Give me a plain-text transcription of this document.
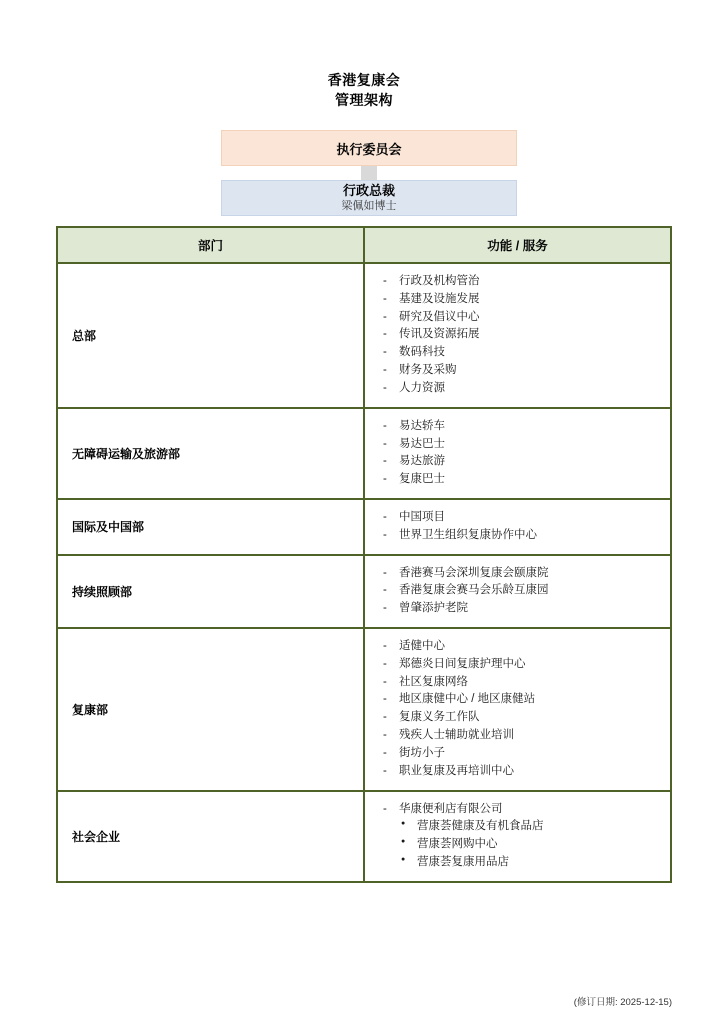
香港复康会
管理架构
执行委员会
行政总裁
梁佩如博士
部门	功能 / 服务
总部	
- 行政及机构管治
- 基建及设施发展
- 研究及倡议中心
- 传讯及资源拓展
- 数码科技
- 财务及采购
- 人力资源

无障碍运输及旅游部	
- 易达轿车
- 易达巴士
- 易达旅游
- 复康巴士

国际及中国部	
- 中国项目
- 世界卫生组织复康协作中心

持续照顾部	
- 香港赛马会深圳复康会颐康院
- 香港复康会赛马会乐龄互康园
- 曾肇添护老院

复康部	
- 适健中心
- 郑德炎日间复康护理中心
- 社区复康网络
- 地区康健中心 / 地区康健站
- 复康义务工作队
- 残疾人士辅助就业培训
- 街坊小子
- 职业复康及再培训中心

社会企业	
- 华康便利店有限公司
● 营康荟健康及有机食品店
● 营康荟网购中心
● 营康荟复康用品店
(修订日期: 2025-12-15)
